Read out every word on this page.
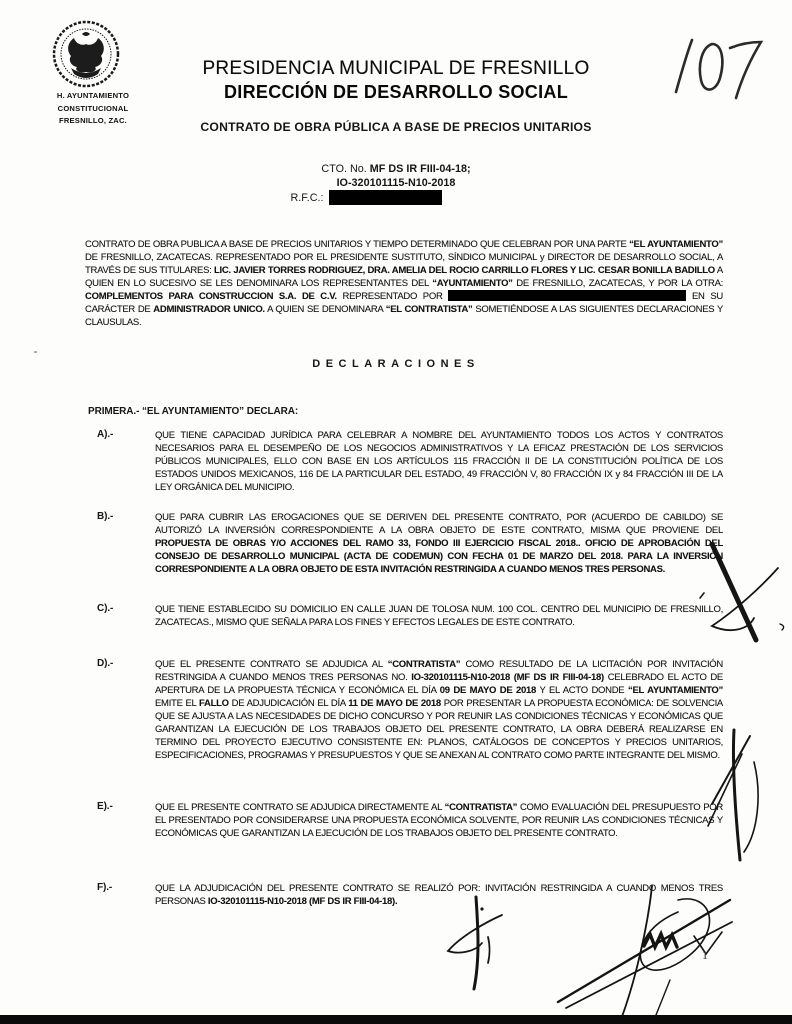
H. AYUNTAMIENTO
CONSTITUCIONAL
FRESNILLO, ZAC.
PRESIDENCIA MUNICIPAL DE FRESNILLO
DIRECCIÓN DE DESARROLLO SOCIAL
CONTRATO DE OBRA PÚBLICA A BASE DE PRECIOS UNITARIOS
CTO. No. MF DS IR FIII-04-18;
IO-320101115-N10-2018
R.F.C.:
CONTRATO DE OBRA PUBLICA A BASE DE PRECIOS UNITARIOS Y TIEMPO DETERMINADO QUE CELEBRAN POR UNA PARTE “EL AYUNTAMIENTO” DE FRESNILLO, ZACATECAS. REPRESENTADO POR EL PRESIDENTE SUSTITUTO, SÍNDICO MUNICIPAL y DIRECTOR DE DESARROLLO SOCIAL, A TRAVÉS DE SUS TITULARES: LIC. JAVIER TORRES RODRIGUEZ, DRA. AMELIA DEL ROCIO CARRILLO FLORES Y LIC. CESAR BONILLA BADILLO A QUIEN EN LO SUCESIVO SE LES DENOMINARA LOS REPRESENTANTES DEL “AYUNTAMIENTO” DE FRESNILLO, ZACATECAS, Y POR LA OTRA: COMPLEMENTOS PARA CONSTRUCCION S.A. DE C.V. REPRESENTADO POR	EN SU CARÁCTER DE ADMINISTRADOR UNICO. A QUIEN SE DENOMINARA “EL CONTRATISTA” SOMETIÉNDOSE A LAS SIGUIENTES DECLARACIONES Y CLAUSULAS.
DECLARACIONES
PRIMERA.- “EL AYUNTAMIENTO” DECLARA:
A).-	QUE TIENE CAPACIDAD JURÍDICA PARA CELEBRAR A NOMBRE DEL AYUNTAMIENTO TODOS LOS ACTOS Y CONTRATOS NECESARIOS PARA EL DESEMPEÑO DE LOS NEGOCIOS ADMINISTRATIVOS Y LA EFICAZ PRESTACIÓN DE LOS SERVICIOS PÚBLICOS MUNICIPALES, ELLO CON BASE EN LOS ARTÍCULOS 115 FRACCIÓN II DE LA CONSTITUCIÓN POLÍTICA DE LOS ESTADOS UNIDOS MEXICANOS, 116 DE LA PARTICULAR DEL ESTADO, 49 FRACCIÓN V, 80 FRACCIÓN IX y 84 FRACCIÓN III DE LA LEY ORGÁNICA DEL MUNICIPIO.
B).-	QUE PARA CUBRIR LAS EROGACIONES QUE SE DERIVEN DEL PRESENTE CONTRATO, POR (ACUERDO DE CABILDO) SE AUTORIZÓ LA INVERSIÓN CORRESPONDIENTE A LA OBRA OBJETO DE ESTE CONTRATO, MISMA QUE PROVIENE DEL PROPUESTA DE OBRAS Y/O ACCIONES DEL RAMO 33, FONDO III EJERCICIO FISCAL 2018.. OFICIO DE APROBACIÓN DEL CONSEJO DE DESARROLLO MUNICIPAL (ACTA DE CODEMUN) CON FECHA 01 DE MARZO DEL 2018. PARA LA INVERSIÓN CORRESPONDIENTE A LA OBRA OBJETO DE ESTA INVITACIÓN RESTRINGIDA A CUANDO MENOS TRES PERSONAS.
C).-	QUE TIENE ESTABLECIDO SU DOMICILIO EN CALLE JUAN DE TOLOSA NUM. 100 COL. CENTRO DEL MUNICIPIO DE FRESNILLO, ZACATECAS., MISMO QUE SEÑALA PARA LOS FINES Y EFECTOS LEGALES DE ESTE CONTRATO.
D).-	QUE EL PRESENTE CONTRATO SE ADJUDICA AL “CONTRATISTA” COMO RESULTADO DE LA LICITACIÓN POR INVITACIÓN RESTRINGIDA A CUANDO MENOS TRES PERSONAS NO. IO-320101115-N10-2018 (MF DS IR FIII-04-18) CELEBRADO EL ACTO DE APERTURA DE LA PROPUESTA TÉCNICA Y ECONÓMICA EL DÍA 09 DE MAYO DE 2018 Y EL ACTO DONDE “EL AYUNTAMIENTO” EMITE EL FALLO DE ADJUDICACIÓN EL DÍA 11 DE MAYO DE 2018 POR PRESENTAR LA PROPUESTA ECONÓMICA: DE SOLVENCIA QUE SE AJUSTA A LAS NECESIDADES DE DICHO CONCURSO Y POR REUNIR LAS CONDICIONES TÉCNICAS Y ECONÓMICAS QUE GARANTIZAN LA EJECUCIÓN DE LOS TRABAJOS OBJETO DEL PRESENTE CONTRATO, LA OBRA DEBERÁ REALIZARSE EN TERMINO DEL PROYECTO EJECUTIVO CONSISTENTE EN: PLANOS, CATÁLOGOS DE CONCEPTOS Y PRECIOS UNITARIOS, ESPECIFICACIONES, PROGRAMAS Y PRESUPUESTOS Y QUE SE ANEXAN AL CONTRATO COMO PARTE INTEGRANTE DEL MISMO.
E).-	QUE EL PRESENTE CONTRATO SE ADJUDICA DIRECTAMENTE AL “CONTRATISTA” COMO EVALUACIÓN DEL PRESUPUESTO POR EL PRESENTADO POR CONSIDERARSE UNA PROPUESTA ECONÓMICA SOLVENTE, POR REUNIR LAS CONDICIONES TÉCNICAS Y ECONÓMICAS QUE GARANTIZAN LA EJECUCIÓN DE LOS TRABAJOS OBJETO DEL PRESENTE CONTRATO.
F).-	QUE LA ADJUDICACIÓN DEL PRESENTE CONTRATO SE REALIZÓ POR: INVITACIÓN RESTRINGIDA A CUANDO MENOS TRES PERSONAS IO-320101115-N10-2018 (MF DS IR FIII-04-18).
1
